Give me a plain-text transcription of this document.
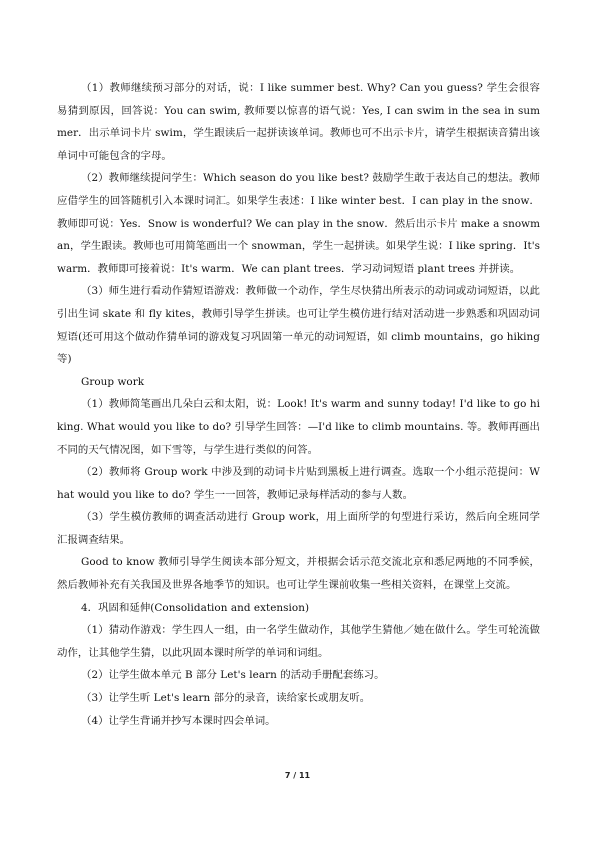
（1）教师继续预习部分的对话，说：I like summer best. Why? Can you guess? 学生会很容易猜到原因，回答说：You can swim, 教师要以惊喜的语气说：Yes, I can swim in the sea in summer．出示单词卡片 swim，学生跟读后一起拼读该单词。教师也可不出示卡片，请学生根据读音猜出该单词中可能包含的字母。

（2）教师继续提问学生：Which season do you like best? 鼓励学生敢于表达自己的想法。教师应借学生的回答随机引入本课时词汇。如果学生表述：I like winter best．I can play in the snow．教师即可说：Yes．Snow is wonderful? We can play in the snow．然后出示卡片 make a snowman，学生跟读。教师也可用简笔画出一个 snowman，学生一起拼读。如果学生说：I like spring．It's warm．教师即可接着说：It's warm．We can plant trees．学习动词短语 plant trees 并拼读。

（3）师生进行看动作猜短语游戏：教师做一个动作，学生尽快猜出所表示的动词或动词短语，以此引出生词 skate 和 fly kites，教师引导学生拼读。也可让学生模仿进行结对活动进一步熟悉和巩固动词短语(还可用这个做动作猜单词的游戏复习巩固第一单元的动词短语，如 climb mountains，go hiking 等)

Group work

（1）教师简笔画出几朵白云和太阳，说：Look! It's warm and sunny today! I'd like to go hiking. What would you like to do? 引导学生回答：—I'd like to climb mountains. 等。教师再画出不同的天气情况图，如下雪等，与学生进行类似的问答。

（2）教师将 Group work 中涉及到的动词卡片贴到黑板上进行调查。选取一个小组示范提问：What would you like to do? 学生一一回答，教师记录每样活动的参与人数。

（3）学生模仿教师的调查活动进行 Group work，用上面所学的句型进行采访，然后向全班同学汇报调查结果。

Good to know 教师引导学生阅读本部分短文，并根据会话示范交流北京和悉尼两地的不同季候，然后教师补充有关我国及世界各地季节的知识。也可让学生课前收集一些相关资料，在课堂上交流。

4．巩固和延伸(Consolidation and extension)

（1）猜动作游戏：学生四人一组，由一名学生做动作，其他学生猜他／她在做什么。学生可轮流做动作，让其他学生猜，以此巩固本课时所学的单词和词组。

（2）让学生做本单元 B 部分 Let's learn 的活动手册配套练习。

（3）让学生听 Let's learn 部分的录音，读给家长或朋友听。

（4）让学生背诵并抄写本课时四会单词。

7 / 11
